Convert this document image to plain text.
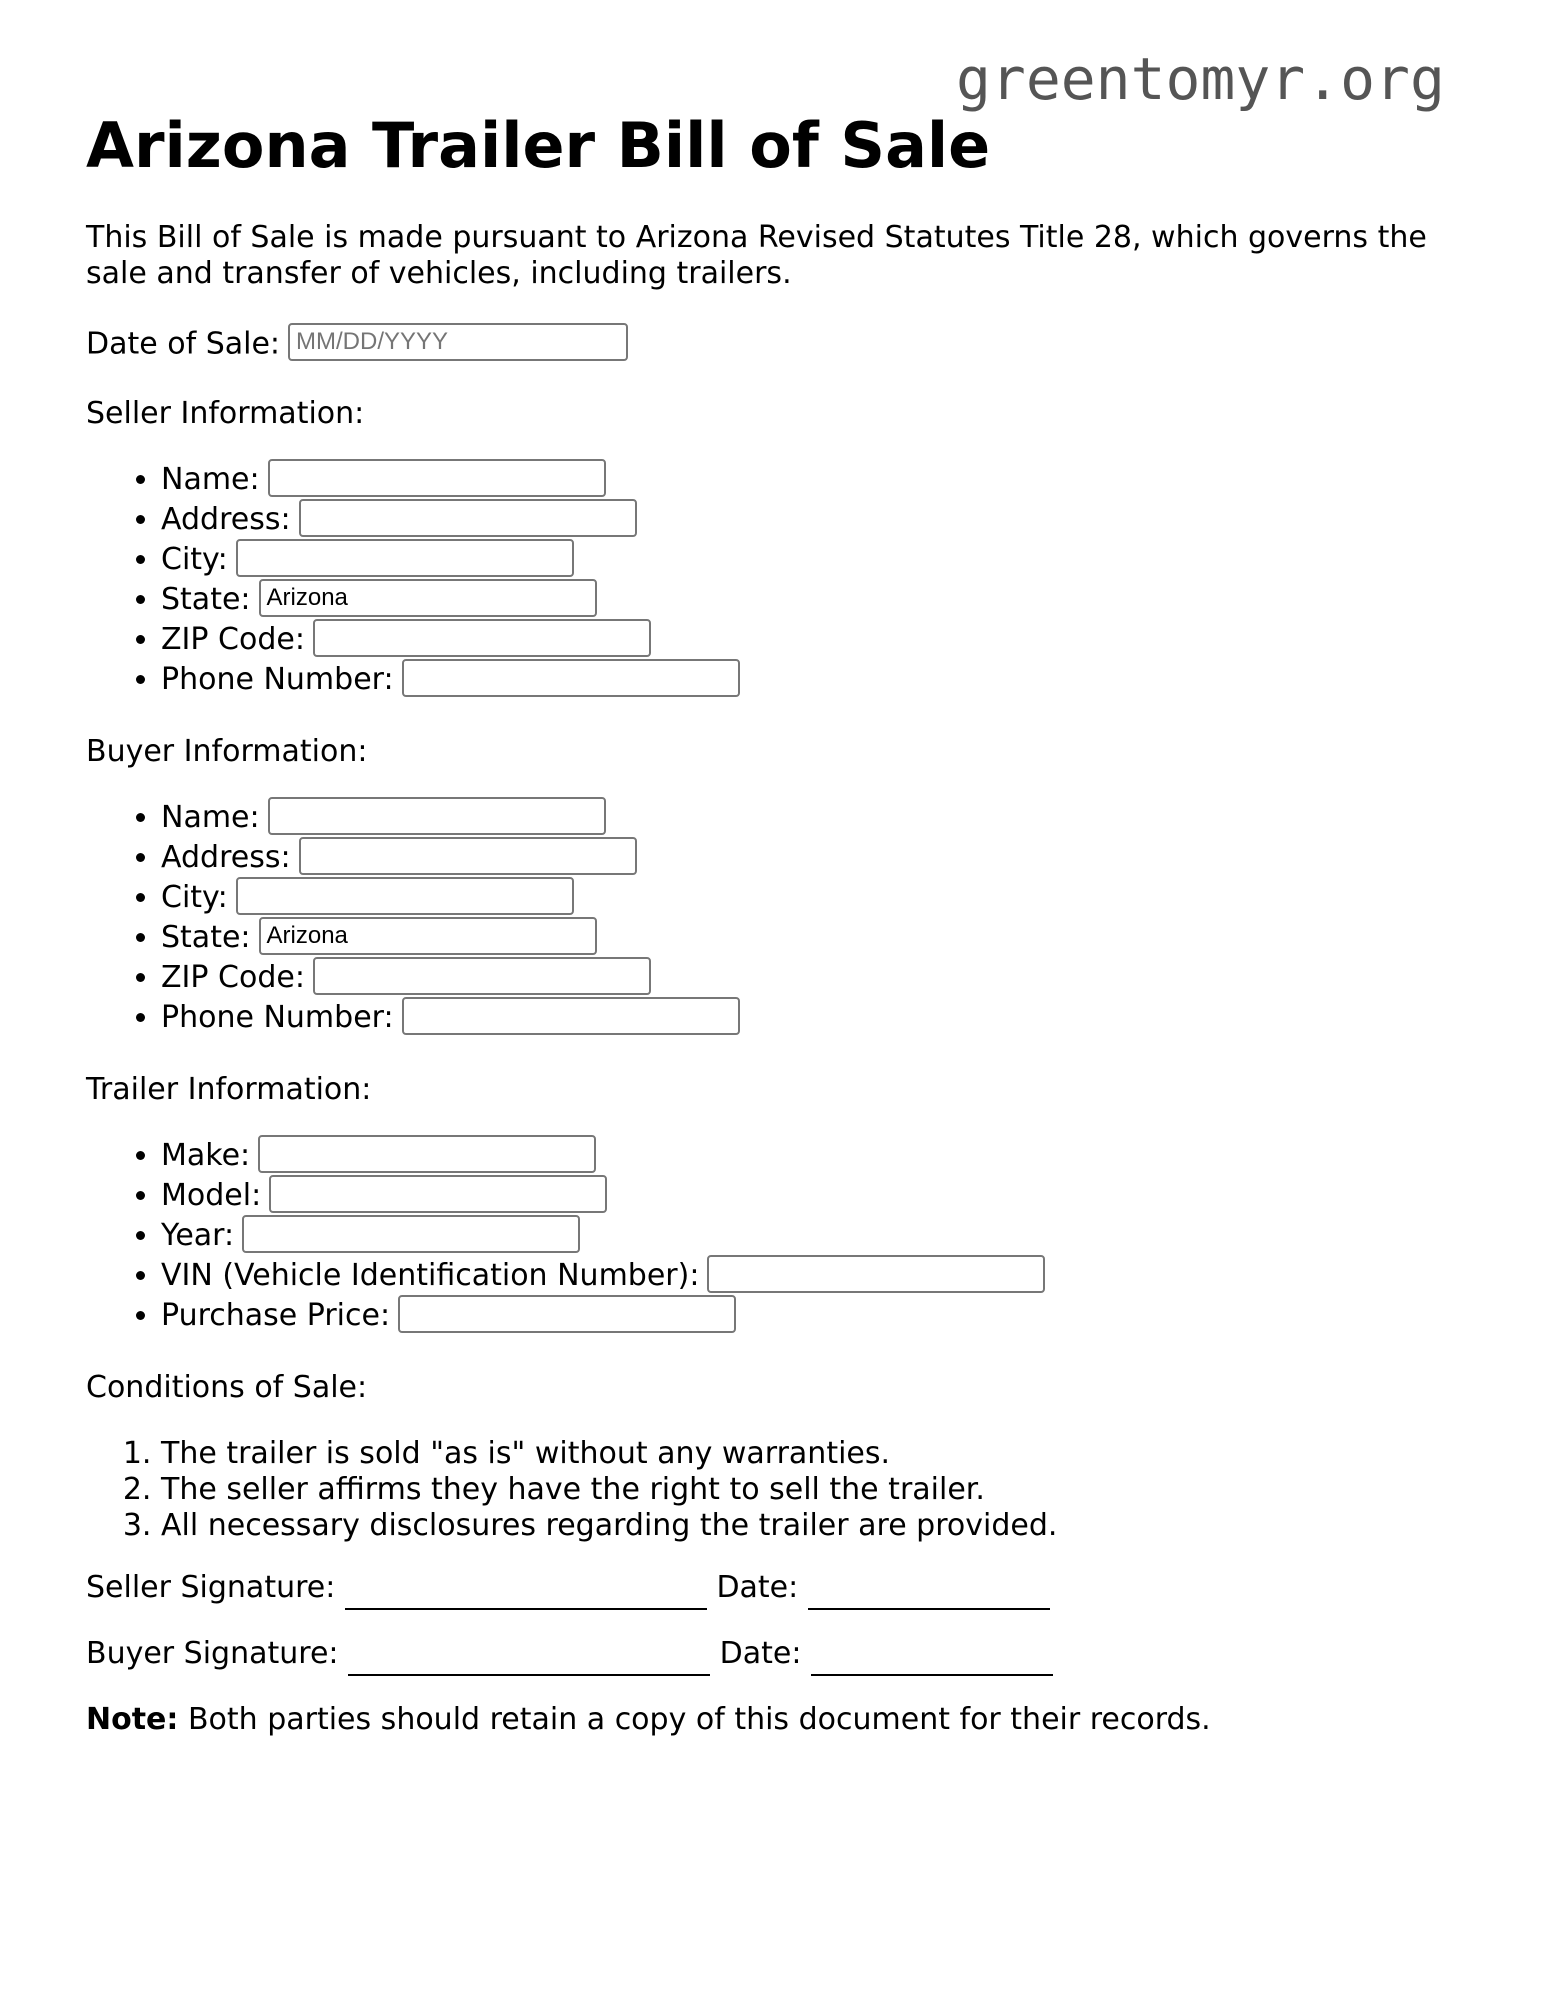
greentomyr.org
Arizona Trailer Bill of Sale

This Bill of Sale is made pursuant to Arizona Revised Statutes Title 28, which governs the sale and transfer of vehicles, including trailers.

Date of Sale:MM/DD/YYYY
Seller Information:
• Name:
• Address:
• City:
• State: Arizona
• ZIP Code:
• Phone Number:
Buyer Information:
• Name:
• Address:
• City:
• State: Arizona
• ZIP Code:
• Phone Number:
Trailer Information:
• Make:
• Model:
• Year:
• VIN (Vehicle Identification Number):
• Purchase Price:
Conditions of Sale:
1. The trailer is sold "as is" without any warranties.
2. The seller affirms they have the right to sell the trailer.
3. All necessary disclosures regarding the trailer are provided.
Seller Signature:	Date:
Buyer Signature:	Date:
Note: Both parties should retain a copy of this document for their records.
